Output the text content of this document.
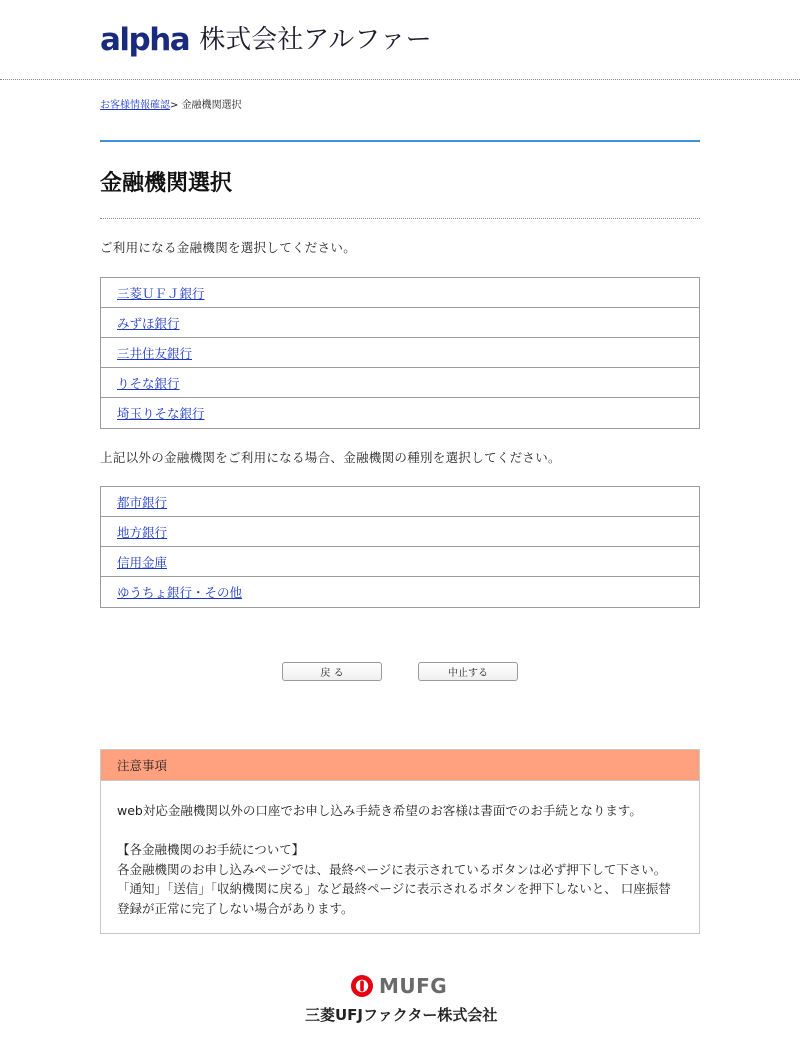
alpha 株式会社アルファー
お客様情報確認> 金融機関選択
金融機関選択

ご利用になる金融機関を選択してください。

三菱ＵＦＪ銀行
みずほ銀行
三井住友銀行
りそな銀行
埼玉りそな銀行

上記以外の金融機関をご利用になる場合、金融機関の種別を選択してください。

都市銀行
地方銀行
信用金庫
ゆうちょ銀行・その他
戻 る	中止する
注意事項

web対応金融機関以外の口座でお申し込み手続き希望のお客様は書面でのお手続となります。

【各金融機関のお手続について】

各金融機関のお申し込みページでは、最終ページに表示されているボタンは必ず押下して下さい。

「通知」「送信」「収納機関に戻る」など最終ページに表示されるボタンを押下しないと、 口座振替

登録が正常に完了しない場合があります。

MUFG
三菱UFJファクター株式会社
